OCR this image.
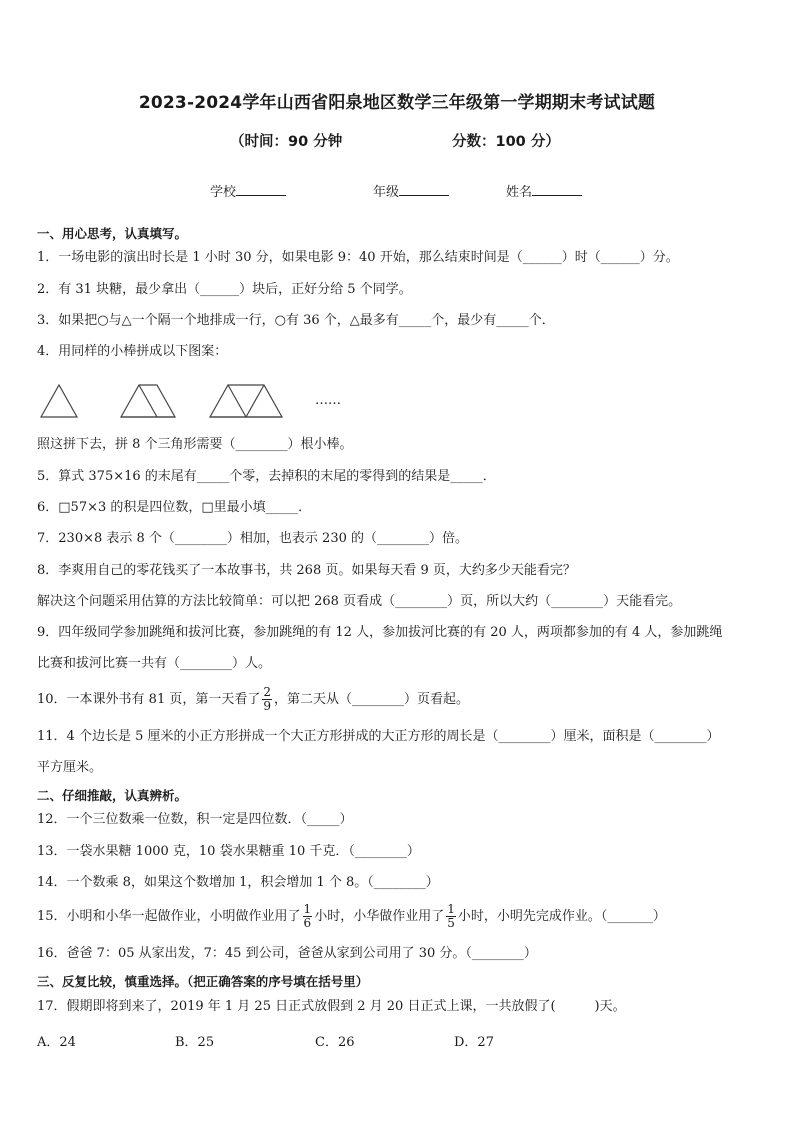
2023-2024学年山西省阳泉地区数学三年级第一学期期末考试试题
（时间：90 分钟	分数：100 分）
学校	年级	姓名
一、用心思考，认真填写。
1．一场电影的演出时长是 1 小时 30 分，如果电影 9：40 开始，那么结束时间是（______）时（______）分。
2．有 31 块糖，最少拿出（______）块后，正好分给 5 个同学。
3．如果把○与△一个隔一个地排成一行，○有 36 个，△最多有_____个，最少有_____个．
4．用同样的小棒拼成以下图案：
……
照这拼下去，拼 8 个三角形需要（________）根小棒。
5．算式 375×16 的末尾有_____个零，去掉积的末尾的零得到的结果是_____．
6．□57×3 的积是四位数，□里最小填_____．
7．230×8 表示 8 个（________）相加，也表示 230 的（________）倍。
8．李爽用自己的零花钱买了一本故事书，共 268 页。如果每天看 9 页，大约多少天能看完？
解决这个问题采用估算的方法比较简单：可以把 268 页看成（________）页，所以大约（________）天能看完。
9．四年级同学参加跳绳和拔河比赛，参加跳绳的有 12 人，参加拔河比赛的有 20 人，两项都参加的有 4 人，参加跳绳
比赛和拔河比赛一共有（________）人。
10．一本课外书有 81 页，第一天看了 $\frac{2}{9}$ ，第二天从（________）页看起。
11．4 个边长是 5 厘米的小正方形拼成一个大正方形拼成的大正方形的周长是（________）厘米，面积是（________）
平方厘米。
二、仔细推敲，认真辨析。
12．一个三位数乘一位数，积一定是四位数．（_____）
13．一袋水果糖 1000 克，10 袋水果糖重 10 千克．（________）
14．一个数乘 8，如果这个数增加 1，积会增加 1 个 8。（________）
15．小明和小华一起做作业，小明做作业用了 $\frac{1}{6}$ 小时，小华做作业用了 $\frac{1}{5}$ 小时，小明先完成作业。（_______）
16．爸爸 7：05 从家出发，7：45 到公司，爸爸从家到公司用了 30 分。（________）
三、反复比较，慎重选择。（把正确答案的序号填在括号里）
17．假期即将到来了，2019 年 1 月 25 日正式放假到 2 月 20 日正式上课，一共放假了(　　　)天。
A．24	B．25	C．26	D．27
